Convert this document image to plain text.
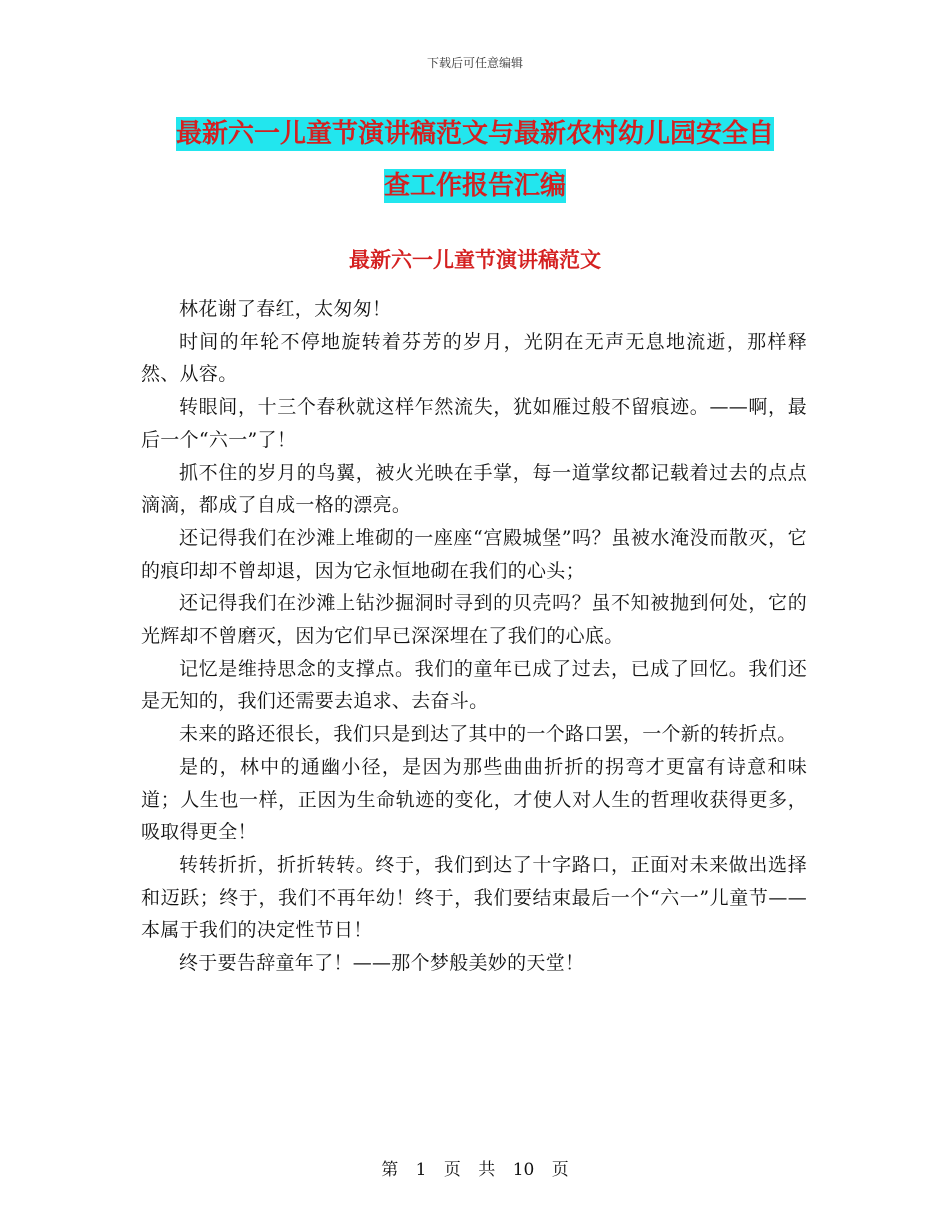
下载后可任意编辑
最新六一儿童节演讲稿范文与最新农村幼儿园安全自
查工作报告汇编
最新六一儿童节演讲稿范文

林花谢了春红，太匆匆！

时间的年轮不停地旋转着芬芳的岁月，光阴在无声无息地流逝，那样释然、从容。

转眼间，十三个春秋就这样乍然流失，犹如雁过般不留痕迹。——啊，最后一个“六一”了！

抓不住的岁月的鸟翼，被火光映在手掌，每一道掌纹都记载着过去的点点滴滴，都成了自成一格的漂亮。

还记得我们在沙滩上堆砌的一座座“宫殿城堡”吗？虽被水淹没而散灭，它的痕印却不曾却退，因为它永恒地砌在我们的心头；

还记得我们在沙滩上钻沙掘洞时寻到的贝壳吗？虽不知被抛到何处，它的光辉却不曾磨灭，因为它们早已深深埋在了我们的心底。

记忆是维持思念的支撑点。我们的童年已成了过去，已成了回忆。我们还是无知的，我们还需要去追求、去奋斗。

未来的路还很长，我们只是到达了其中的一个路口罢，一个新的转折点。

是的，林中的通幽小径，是因为那些曲曲折折的拐弯才更富有诗意和味道；人生也一样，正因为生命轨迹的变化，才使人对人生的哲理收获得更多，吸取得更全！

转转折折，折折转转。终于，我们到达了十字路口，正面对未来做出选择和迈跃；终于，我们不再年幼！终于，我们要结束最后一个“六一”儿童节——本属于我们的决定性节日！

终于要告辞童年了！——那个梦般美妙的天堂！

第 1 页 共 10 页
